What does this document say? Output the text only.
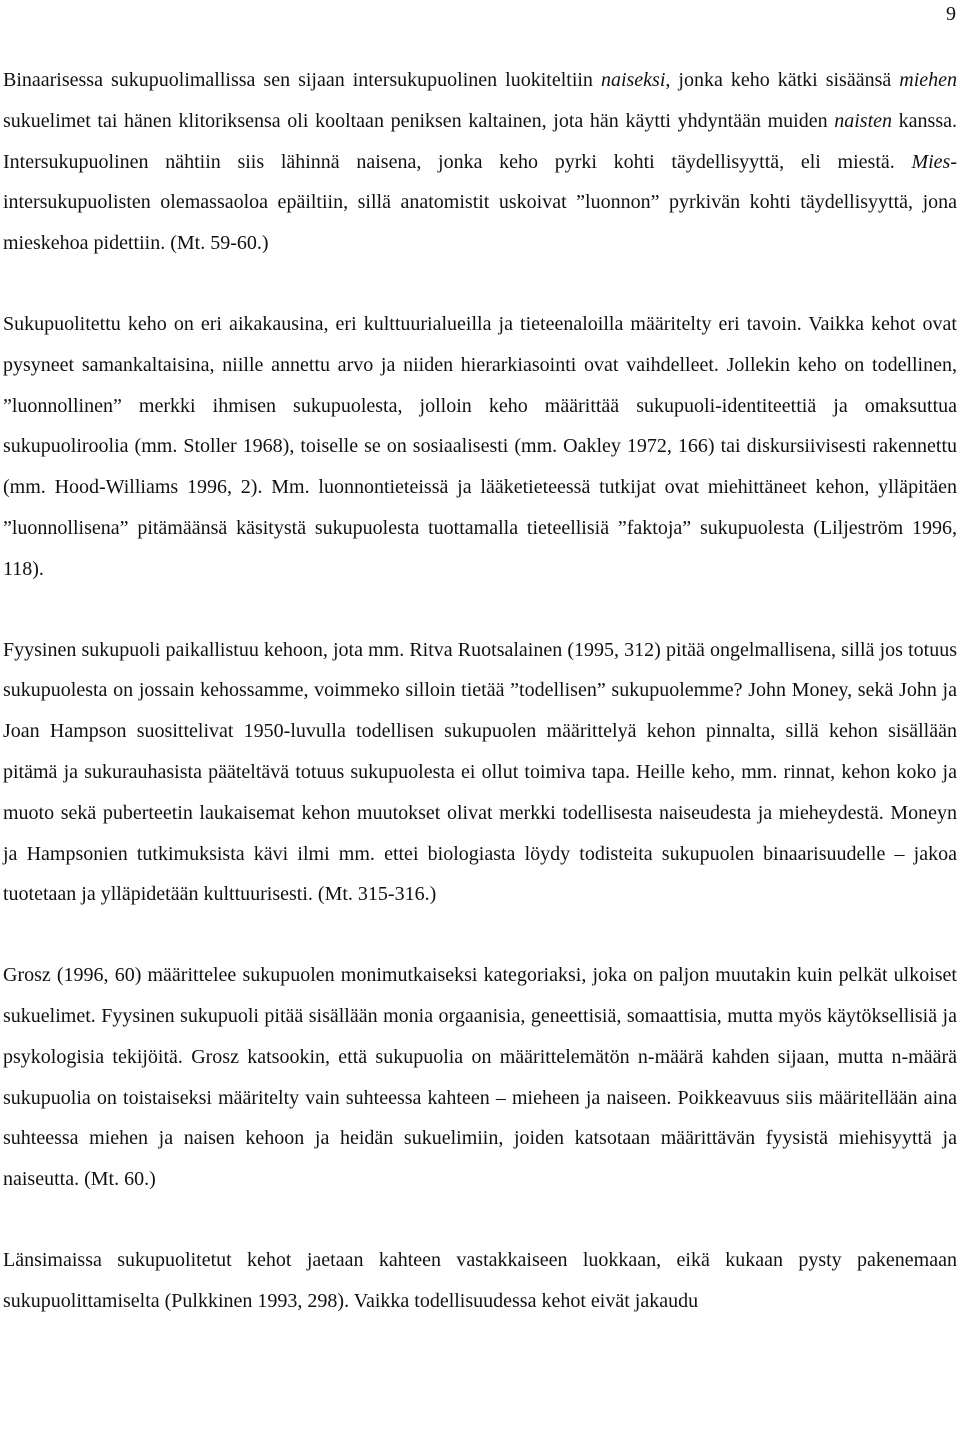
9

Binaarisessa sukupuolimallissa sen sijaan intersukupuolinen luokiteltiin naiseksi, jonka keho kätki sisäänsä miehen sukuelimet tai hänen klitoriksensa oli kooltaan peniksen kaltainen, jota hän käytti yhdyntään muiden naisten kanssa. Intersukupuolinen nähtiin siis lähinnä naisena, jonka keho pyrki kohti täydellisyyttä, eli miestä. Mies-intersukupuolisten olemassaoloa epäiltiin, sillä anatomistit uskoivat ”luonnon” pyrkivän kohti täydellisyyttä, jona mieskehoa pidettiin. (Mt. 59-60.)

Sukupuolitettu keho on eri aikakausina, eri kulttuurialueilla ja tieteenaloilla määritelty eri tavoin. Vaikka kehot ovat pysyneet samankaltaisina, niille annettu arvo ja niiden hierarkiasointi ovat vaihdelleet. Jollekin keho on todellinen, ”luonnollinen” merkki ihmisen sukupuolesta, jolloin keho määrittää sukupuoli-identiteettiä ja omaksuttua sukupuoliroolia (mm. Stoller 1968), toiselle se on sosiaalisesti (mm. Oakley 1972, 166) tai diskursiivisesti rakennettu (mm. Hood-Williams 1996, 2). Mm. luonnontieteissä ja lääketieteessä tutkijat ovat miehittäneet kehon, ylläpitäen ”luonnollisena” pitämäänsä käsitystä sukupuolesta tuottamalla tieteellisiä ”faktoja” sukupuolesta (Liljeström 1996, 118).

Fyysinen sukupuoli paikallistuu kehoon, jota mm. Ritva Ruotsalainen (1995, 312) pitää ongelmallisena, sillä jos totuus sukupuolesta on jossain kehossamme, voimmeko silloin tietää ”todellisen” sukupuolemme? John Money, sekä John ja Joan Hampson suosittelivat 1950-luvulla todellisen sukupuolen määrittelyä kehon pinnalta, sillä kehon sisällään pitämä ja sukurauhasista pääteltävä totuus sukupuolesta ei ollut toimiva tapa. Heille keho, mm. rinnat, kehon koko ja muoto sekä puberteetin laukaisemat kehon muutokset olivat merkki todellisesta naiseudesta ja mieheydestä. Moneyn ja Hampsonien tutkimuksista kävi ilmi mm. ettei biologiasta löydy todisteita sukupuolen binaarisuudelle – jakoa tuotetaan ja ylläpidetään kulttuurisesti. (Mt. 315-316.)

Grosz (1996, 60) määrittelee sukupuolen monimutkaiseksi kategoriaksi, joka on paljon muutakin kuin pelkät ulkoiset sukuelimet. Fyysinen sukupuoli pitää sisällään monia orgaanisia, geneettisiä, somaattisia, mutta myös käytöksellisiä ja psykologisia tekijöitä. Grosz katsookin, että sukupuolia on määrittelemätön n-määrä kahden sijaan, mutta n-määrä sukupuolia on toistaiseksi määritelty vain suhteessa kahteen – mieheen ja naiseen. Poikkeavuus siis määritellään aina suhteessa miehen ja naisen kehoon ja heidän sukuelimiin, joiden katsotaan määrittävän fyysistä miehisyyttä ja naiseutta. (Mt. 60.)

Länsimaissa sukupuolitetut kehot jaetaan kahteen vastakkaiseen luokkaan, eikä kukaan pysty pakenemaan sukupuolittamiselta (Pulkkinen 1993, 298). Vaikka todellisuudessa kehot eivät jakaudu
